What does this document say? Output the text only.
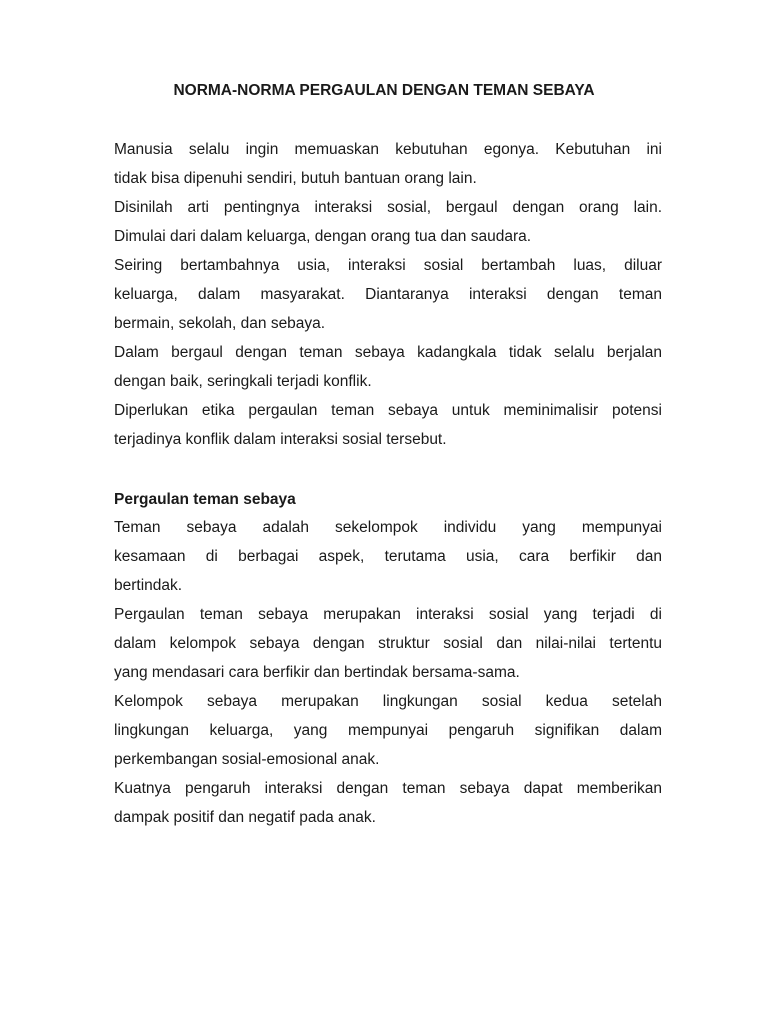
NORMA-NORMA PERGAULAN DENGAN TEMAN SEBAYA
Manusia selalu ingin memuaskan kebutuhan egonya. Kebutuhan ini
tidak bisa dipenuhi sendiri, butuh bantuan orang lain.
Disinilah arti pentingnya interaksi sosial, bergaul dengan orang lain.
Dimulai dari dalam keluarga, dengan orang tua dan saudara.
Seiring bertambahnya usia, interaksi sosial bertambah luas, diluar
keluarga, dalam masyarakat. Diantaranya interaksi dengan teman
bermain, sekolah, dan sebaya.
Dalam bergaul dengan teman sebaya kadangkala tidak selalu berjalan
dengan baik, seringkali terjadi konflik.
Diperlukan etika pergaulan teman sebaya untuk meminimalisir potensi
terjadinya konflik dalam interaksi sosial tersebut.
Pergaulan teman sebaya
Teman sebaya adalah sekelompok individu yang mempunyai
kesamaan di berbagai aspek, terutama usia, cara berfikir dan
bertindak.
Pergaulan teman sebaya merupakan interaksi sosial yang terjadi di
dalam kelompok sebaya dengan struktur sosial dan nilai-nilai tertentu
yang mendasari cara berfikir dan bertindak bersama-sama.
Kelompok sebaya merupakan lingkungan sosial kedua setelah
lingkungan keluarga, yang mempunyai pengaruh signifikan dalam
perkembangan sosial-emosional anak.
Kuatnya pengaruh interaksi dengan teman sebaya dapat memberikan
dampak positif dan negatif pada anak.
